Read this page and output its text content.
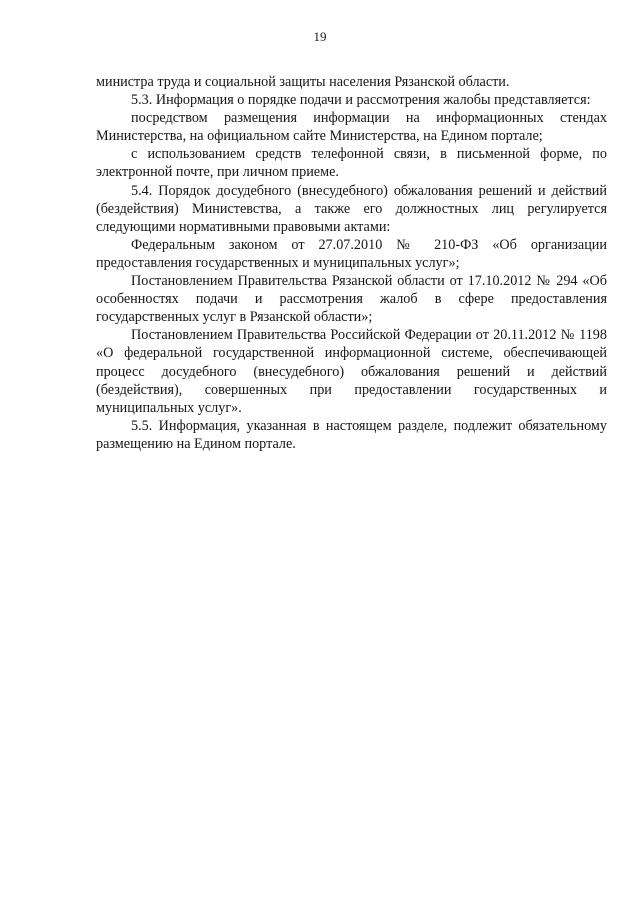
19

министра труда и социальной защиты населения Рязанской области.

5.3. Информация о порядке подачи и рассмотрения жалобы представляется:

посредством размещения информации на информационных стендах Министерства, на официальном сайте Министерства, на Едином портале;

с использованием средств телефонной связи, в письменной форме, по электронной почте, при личном приеме.

5.4. Порядок досудебного (внесудебного) обжалования решений и действий (бездействия) Министевства, а также его должностных лиц регулируется следующими нормативными правовыми актами:

Федеральным законом от 27.07.2010 № 210-ФЗ «Об организации предоставления государственных и муниципальных услуг»;

Постановлением Правительства Рязанской области от 17.10.2012 № 294 «Об особенностях подачи и рассмотрения жалоб в сфере предоставления государственных услуг в Рязанской области»;

Постановлением Правительства Российской Федерации от 20.11.2012 № 1198 «О федеральной государственной информационной системе, обеспечивающей процесс досудебного (внесудебного) обжалования решений и действий (бездействия), совершенных при предоставлении государственных и муниципальных услуг».

5.5. Информация, указанная в настоящем разделе, подлежит обязательному размещению на Едином портале.
